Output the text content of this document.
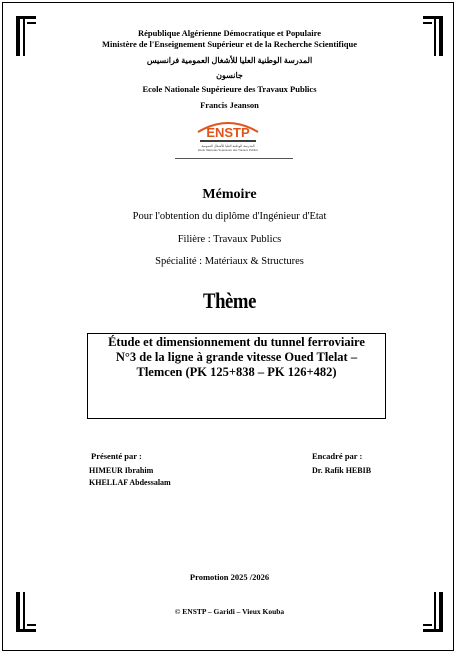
République Algérienne Démocratique et Populaire
Ministère de l'Enseignement Supérieur et de la Recherche Scientifique
المدرسة الوطنية العليا للأشغال العمومية فرانسيس
جانسون
Ecole Nationale Supérieure des Travaux Publics
Francis Jeanson
ENSTP
المدرسة الوطنية العليا للأشغال العمومية
Ecole Nationale Supérieure des Travaux Publics
Mémoire
Pour l'obtention du diplôme d'Ingénieur d'Etat
Filière : Travaux Publics
Spécialité : Matériaux & Structures
Thème
Étude et dimensionnement du tunnel ferroviaire N°3 de la ligne à grande vitesse Oued Tlelat – Tlemcen (PK 125+838 – PK 126+482)
Présenté par :
HIMEUR Ibrahim
KHELLAF Abdessalam
Encadré par :
Dr. Rafik HEBIB
Promotion 2025 /2026
© ENSTP – Garidi – Vieux Kouba
